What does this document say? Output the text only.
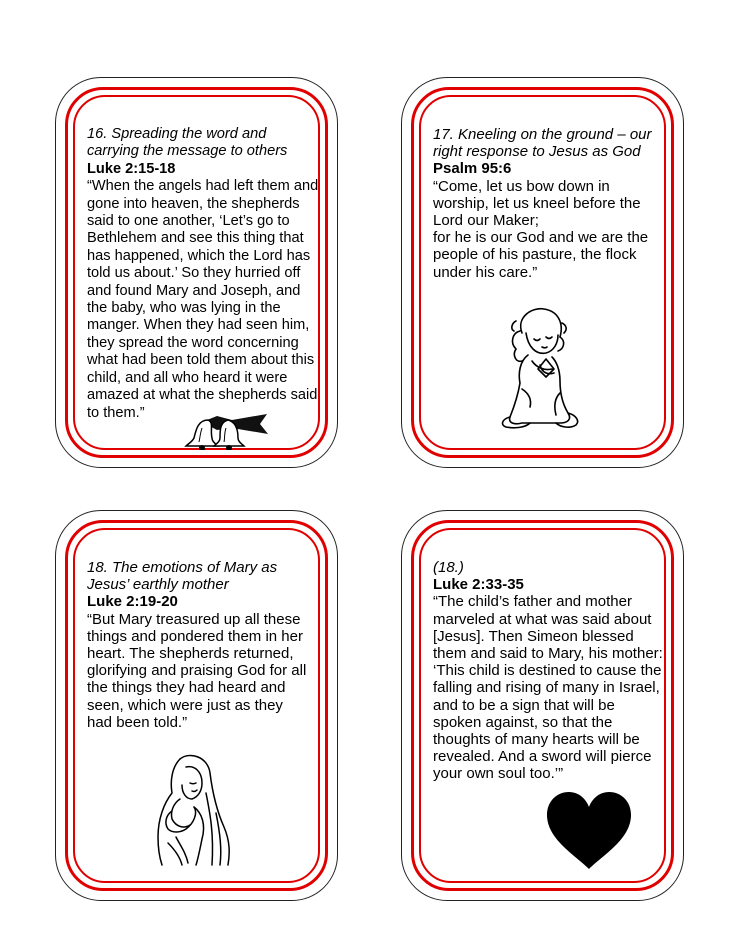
16. Spreading the word and carrying the message to others
Luke 2:15-18
“When the angels had left them and gone into heaven, the shepherds said to one another, ‘Let’s go to Bethlehem and see this thing that has happened, which the Lord has told us about.’ So they hurried off and found Mary and Joseph, and the baby, who was lying in the manger. When they had seen him, they spread the word concerning what had been told them about this child, and all who heard it were amazed at what the shepherds said to them.”
17. Kneeling on the ground – our right response to Jesus as God
Psalm 95:6
“Come, let us bow down in worship, let us kneel before the Lord our Maker;
for he is our God and we are the people of his pasture, the flock under his care.”
18. The emotions of Mary as Jesus’ earthly mother
Luke 2:19-20
“But Mary treasured up all these things and pondered them in her heart. The shepherds returned, glorifying and praising God for all the things they had heard and seen, which were just as they had been told.”
(18.)
Luke 2:33-35
“The child’s father and mother marveled at what was said about [Jesus]. Then Simeon blessed them and said to Mary, his mother: ‘This child is destined to cause the falling and rising of many in Israel, and to be a sign that will be spoken against, so that the thoughts of many hearts will be revealed. And a sword will pierce your own soul too.’”
